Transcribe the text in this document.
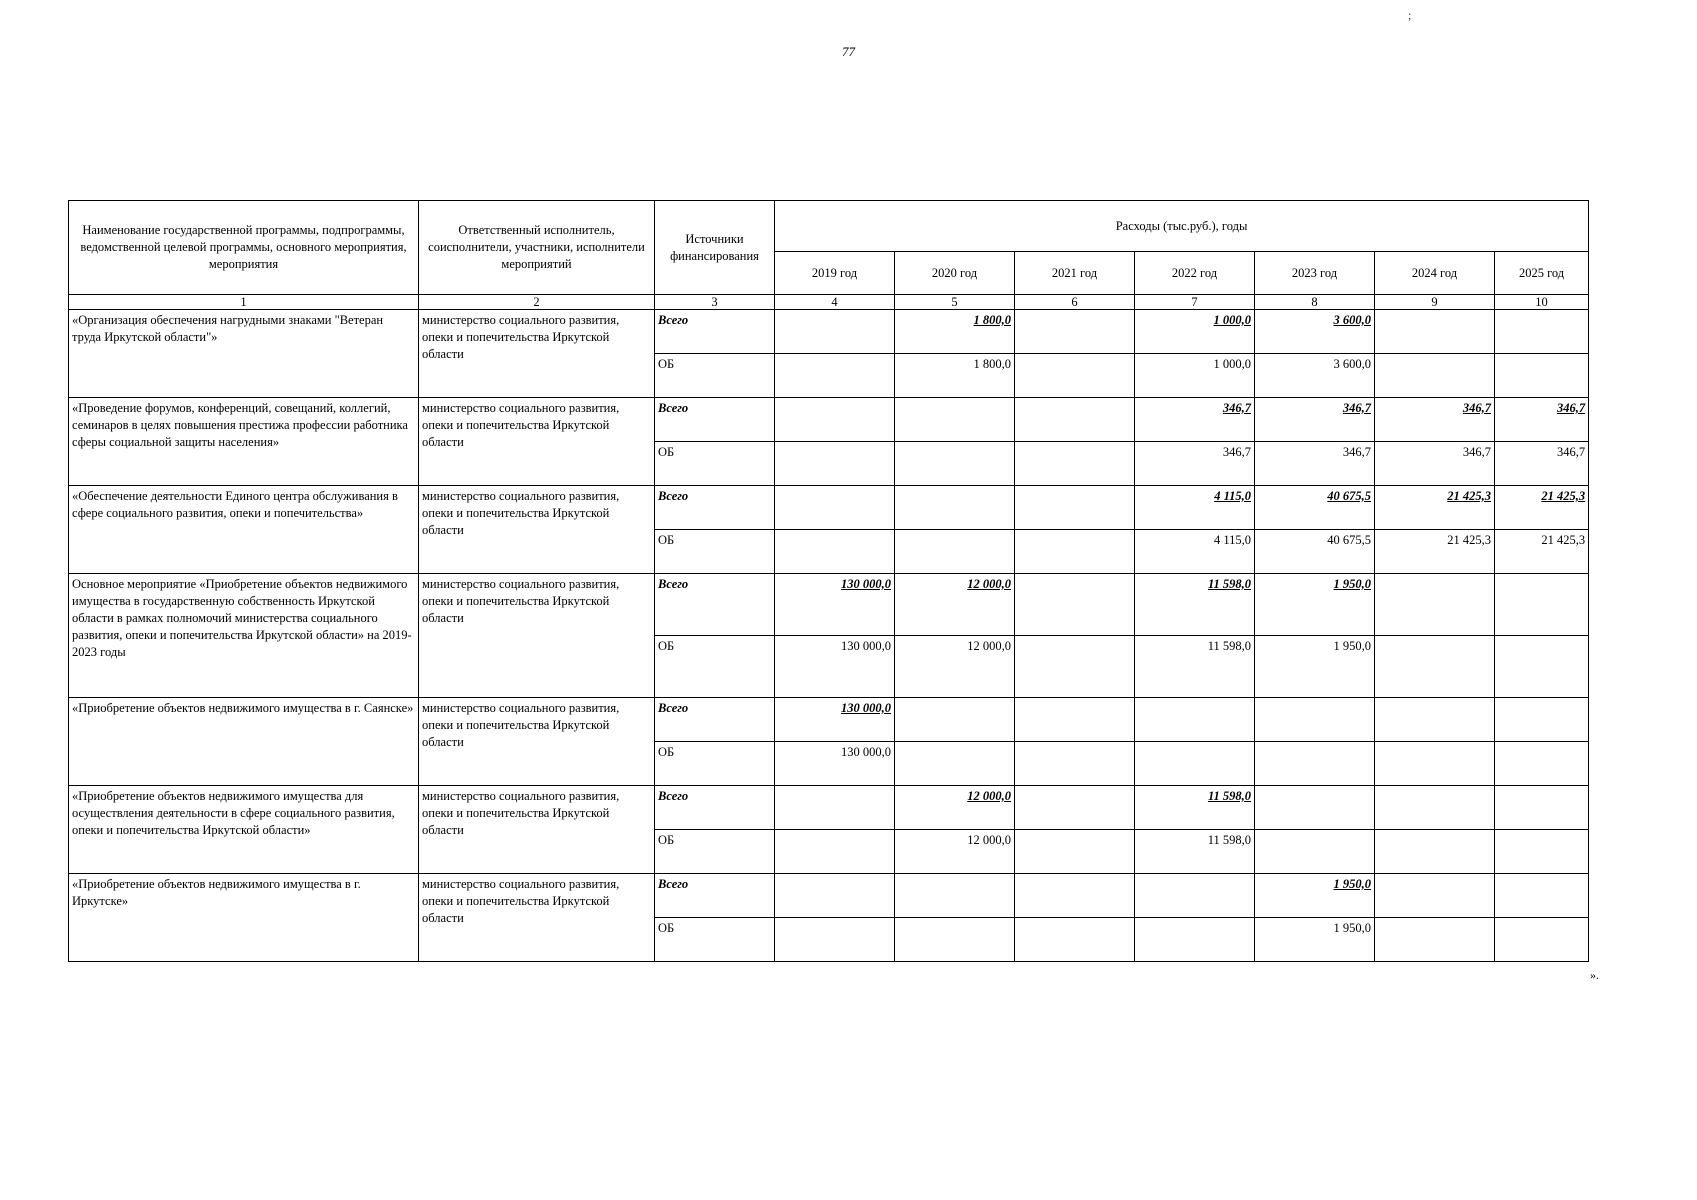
77
;
Наименование государственной программы, подпрограммы, ведомственной целевой программы, основного мероприятия, мероприятия	Ответственный исполнитель, соисполнители, участники, исполнители мероприятий	Источники финансирования	Расходы (тыс.руб.), годы						
			2019 год	2020 год	2021 год	2022 год	2023 год	2024 год	2025 год
1	2	3	4	5	6	7	8	9	10
«Организация обеспечения нагрудными знаками "Ветеран труда Иркутской области"»	министерство социального развития, опеки и попечительства Иркутской области	Всего		1 800,0		1 000,0	3 600,0		

		ОБ		1 800,0		1 000,0	3 600,0		
«Проведение форумов, конференций, совещаний, коллегий, семинаров в целях повышения престижа профессии работника сферы социальной защиты населения»	министерство социального развития, опеки и попечительства Иркутской области	Всего				346,7	346,7	346,7	346,7

		ОБ				346,7	346,7	346,7	346,7
«Обеспечение деятельности Единого центра обслуживания в сфере социального развития, опеки и попечительства»	министерство социального развития, опеки и попечительства Иркутской области	Всего				4 115,0	40 675,5	21 425,3	21 425,3

		ОБ				4 115,0	40 675,5	21 425,3	21 425,3
Основное мероприятие «Приобретение объектов недвижимого имущества в государственную собственность Иркутской области в рамках полномочий министерства социального развития, опеки и попечительства Иркутской области» на 2019-2023 годы	министерство социального развития, опеки и попечительства Иркутской области	Всего	130 000,0	12 000,0		11 598,0	1 950,0		

		ОБ	130 000,0	12 000,0		11 598,0	1 950,0		
«Приобретение объектов недвижимого имущества в г. Саянске»	министерство социального развития, опеки и попечительства Иркутской области	Всего	130 000,0						

		ОБ	130 000,0						
«Приобретение объектов недвижимого имущества для осуществления деятельности в сфере социального развития, опеки и попечительства Иркутской области»	министерство социального развития, опеки и попечительства Иркутской области	Всего		12 000,0		11 598,0			

		ОБ		12 000,0		11 598,0			
«Приобретение объектов недвижимого имущества в г. Иркутске»	министерство социального развития, опеки и попечительства Иркутской области	Всего					1 950,0		

		ОБ					1 950,0		
».
